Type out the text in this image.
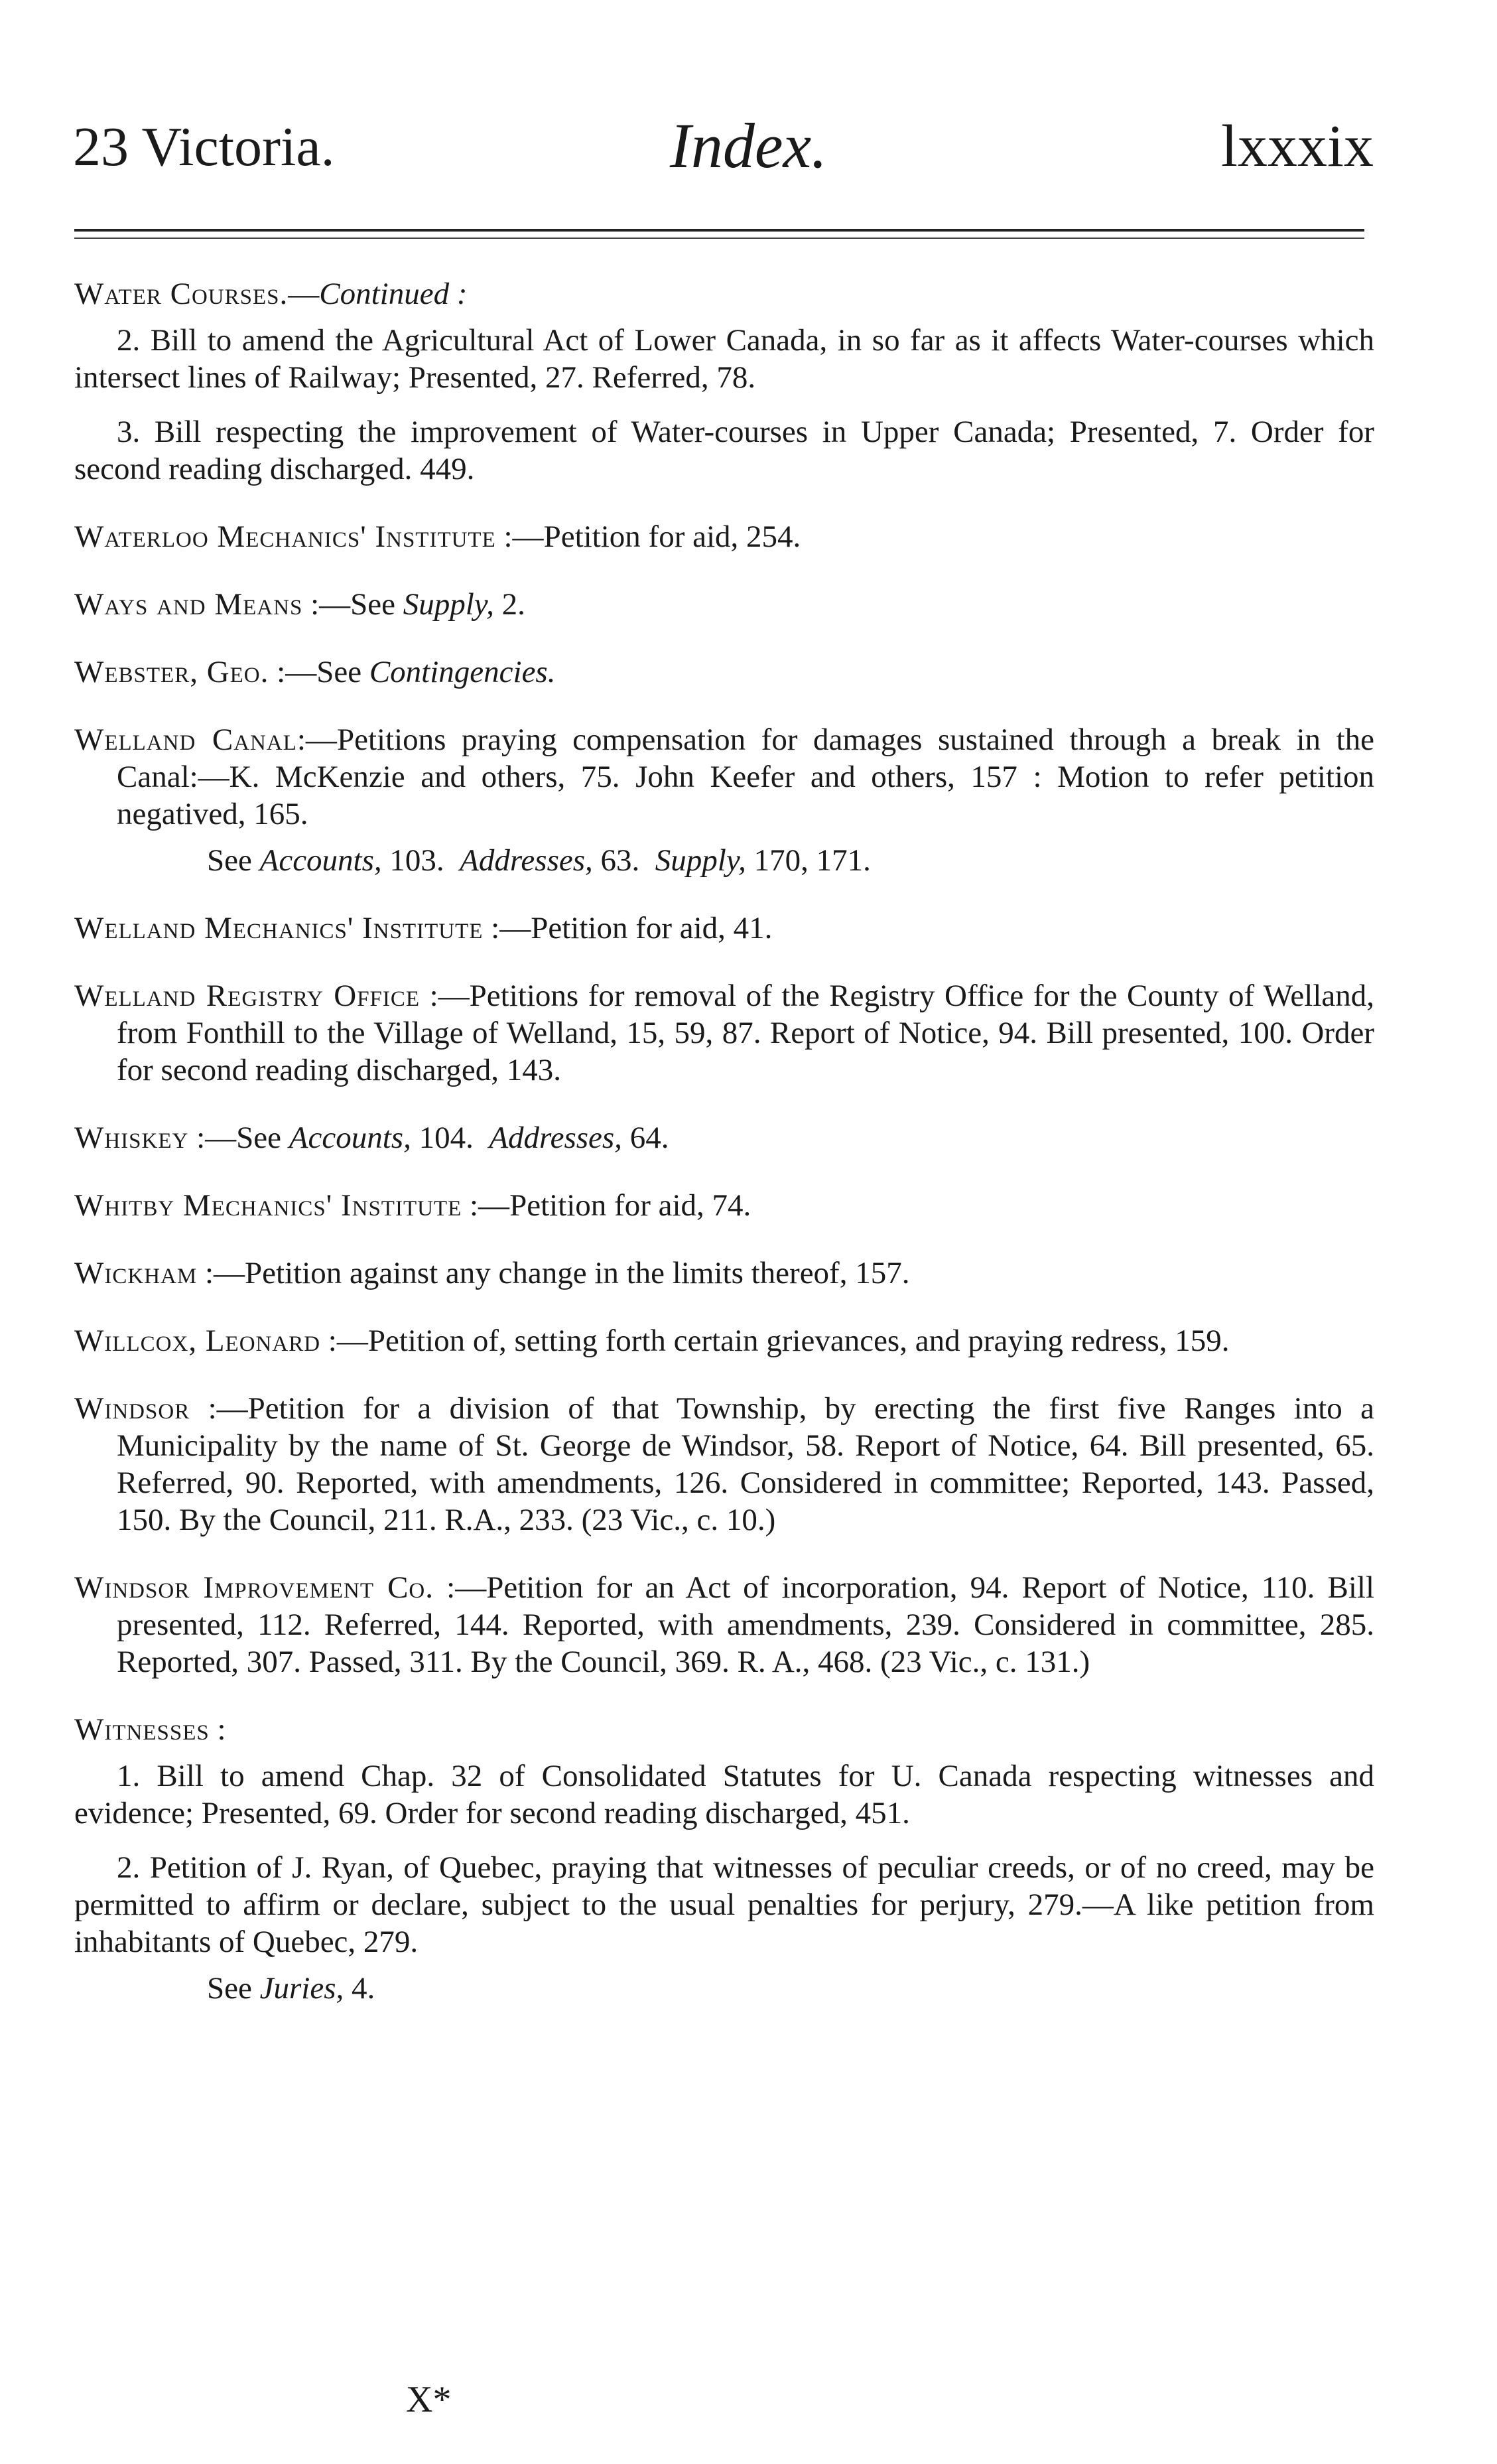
23 Victoria.	Index.	lxxxix

Water Courses.—Continued :

2. Bill to amend the Agricultural Act of Lower Canada, in so far as it affects Water-courses which intersect lines of Railway; Presented, 27. Referred, 78.

3. Bill respecting the improvement of Water-courses in Upper Canada; Presented, 7. Order for second reading discharged. 449.

Waterloo Mechanics' Institute :—Petition for aid, 254.

Ways and Means :—See Supply, 2.

Webster, Geo. :—See Contingencies.

Welland Canal:—Petitions praying compensation for damages sustained through a break in the Canal:—K. McKenzie and others, 75. John Keefer and others, 157 : Motion to refer petition negatived, 165.

See Accounts, 103. Addresses, 63. Supply, 170, 171.

Welland Mechanics' Institute :—Petition for aid, 41.

Welland Registry Office :—Petitions for removal of the Registry Office for the County of Welland, from Fonthill to the Village of Welland, 15, 59, 87. Report of Notice, 94. Bill presented, 100. Order for second reading discharged, 143.

Whiskey :—See Accounts, 104. Addresses, 64.

Whitby Mechanics' Institute :—Petition for aid, 74.

Wickham :—Petition against any change in the limits thereof, 157.

Willcox, Leonard :—Petition of, setting forth certain grievances, and praying redress, 159.

Windsor :—Petition for a division of that Township, by erecting the first five Ranges into a Municipality by the name of St. George de Windsor, 58. Report of Notice, 64. Bill presented, 65. Referred, 90. Reported, with amendments, 126. Considered in committee; Reported, 143. Passed, 150. By the Council, 211. R.A., 233. (23 Vic., c. 10.)

Windsor Improvement Co. :—Petition for an Act of incorporation, 94. Report of Notice, 110. Bill presented, 112. Referred, 144. Reported, with amendments, 239. Considered in committee, 285. Reported, 307. Passed, 311. By the Council, 369. R. A., 468. (23 Vic., c. 131.)

Witnesses :

1. Bill to amend Chap. 32 of Consolidated Statutes for U. Canada respecting witnesses and evidence; Presented, 69. Order for second reading discharged, 451.

2. Petition of J. Ryan, of Quebec, praying that witnesses of peculiar creeds, or of no creed, may be permitted to affirm or declare, subject to the usual penalties for perjury, 279.—A like petition from inhabitants of Quebec, 279.

See Juries, 4.

X*
